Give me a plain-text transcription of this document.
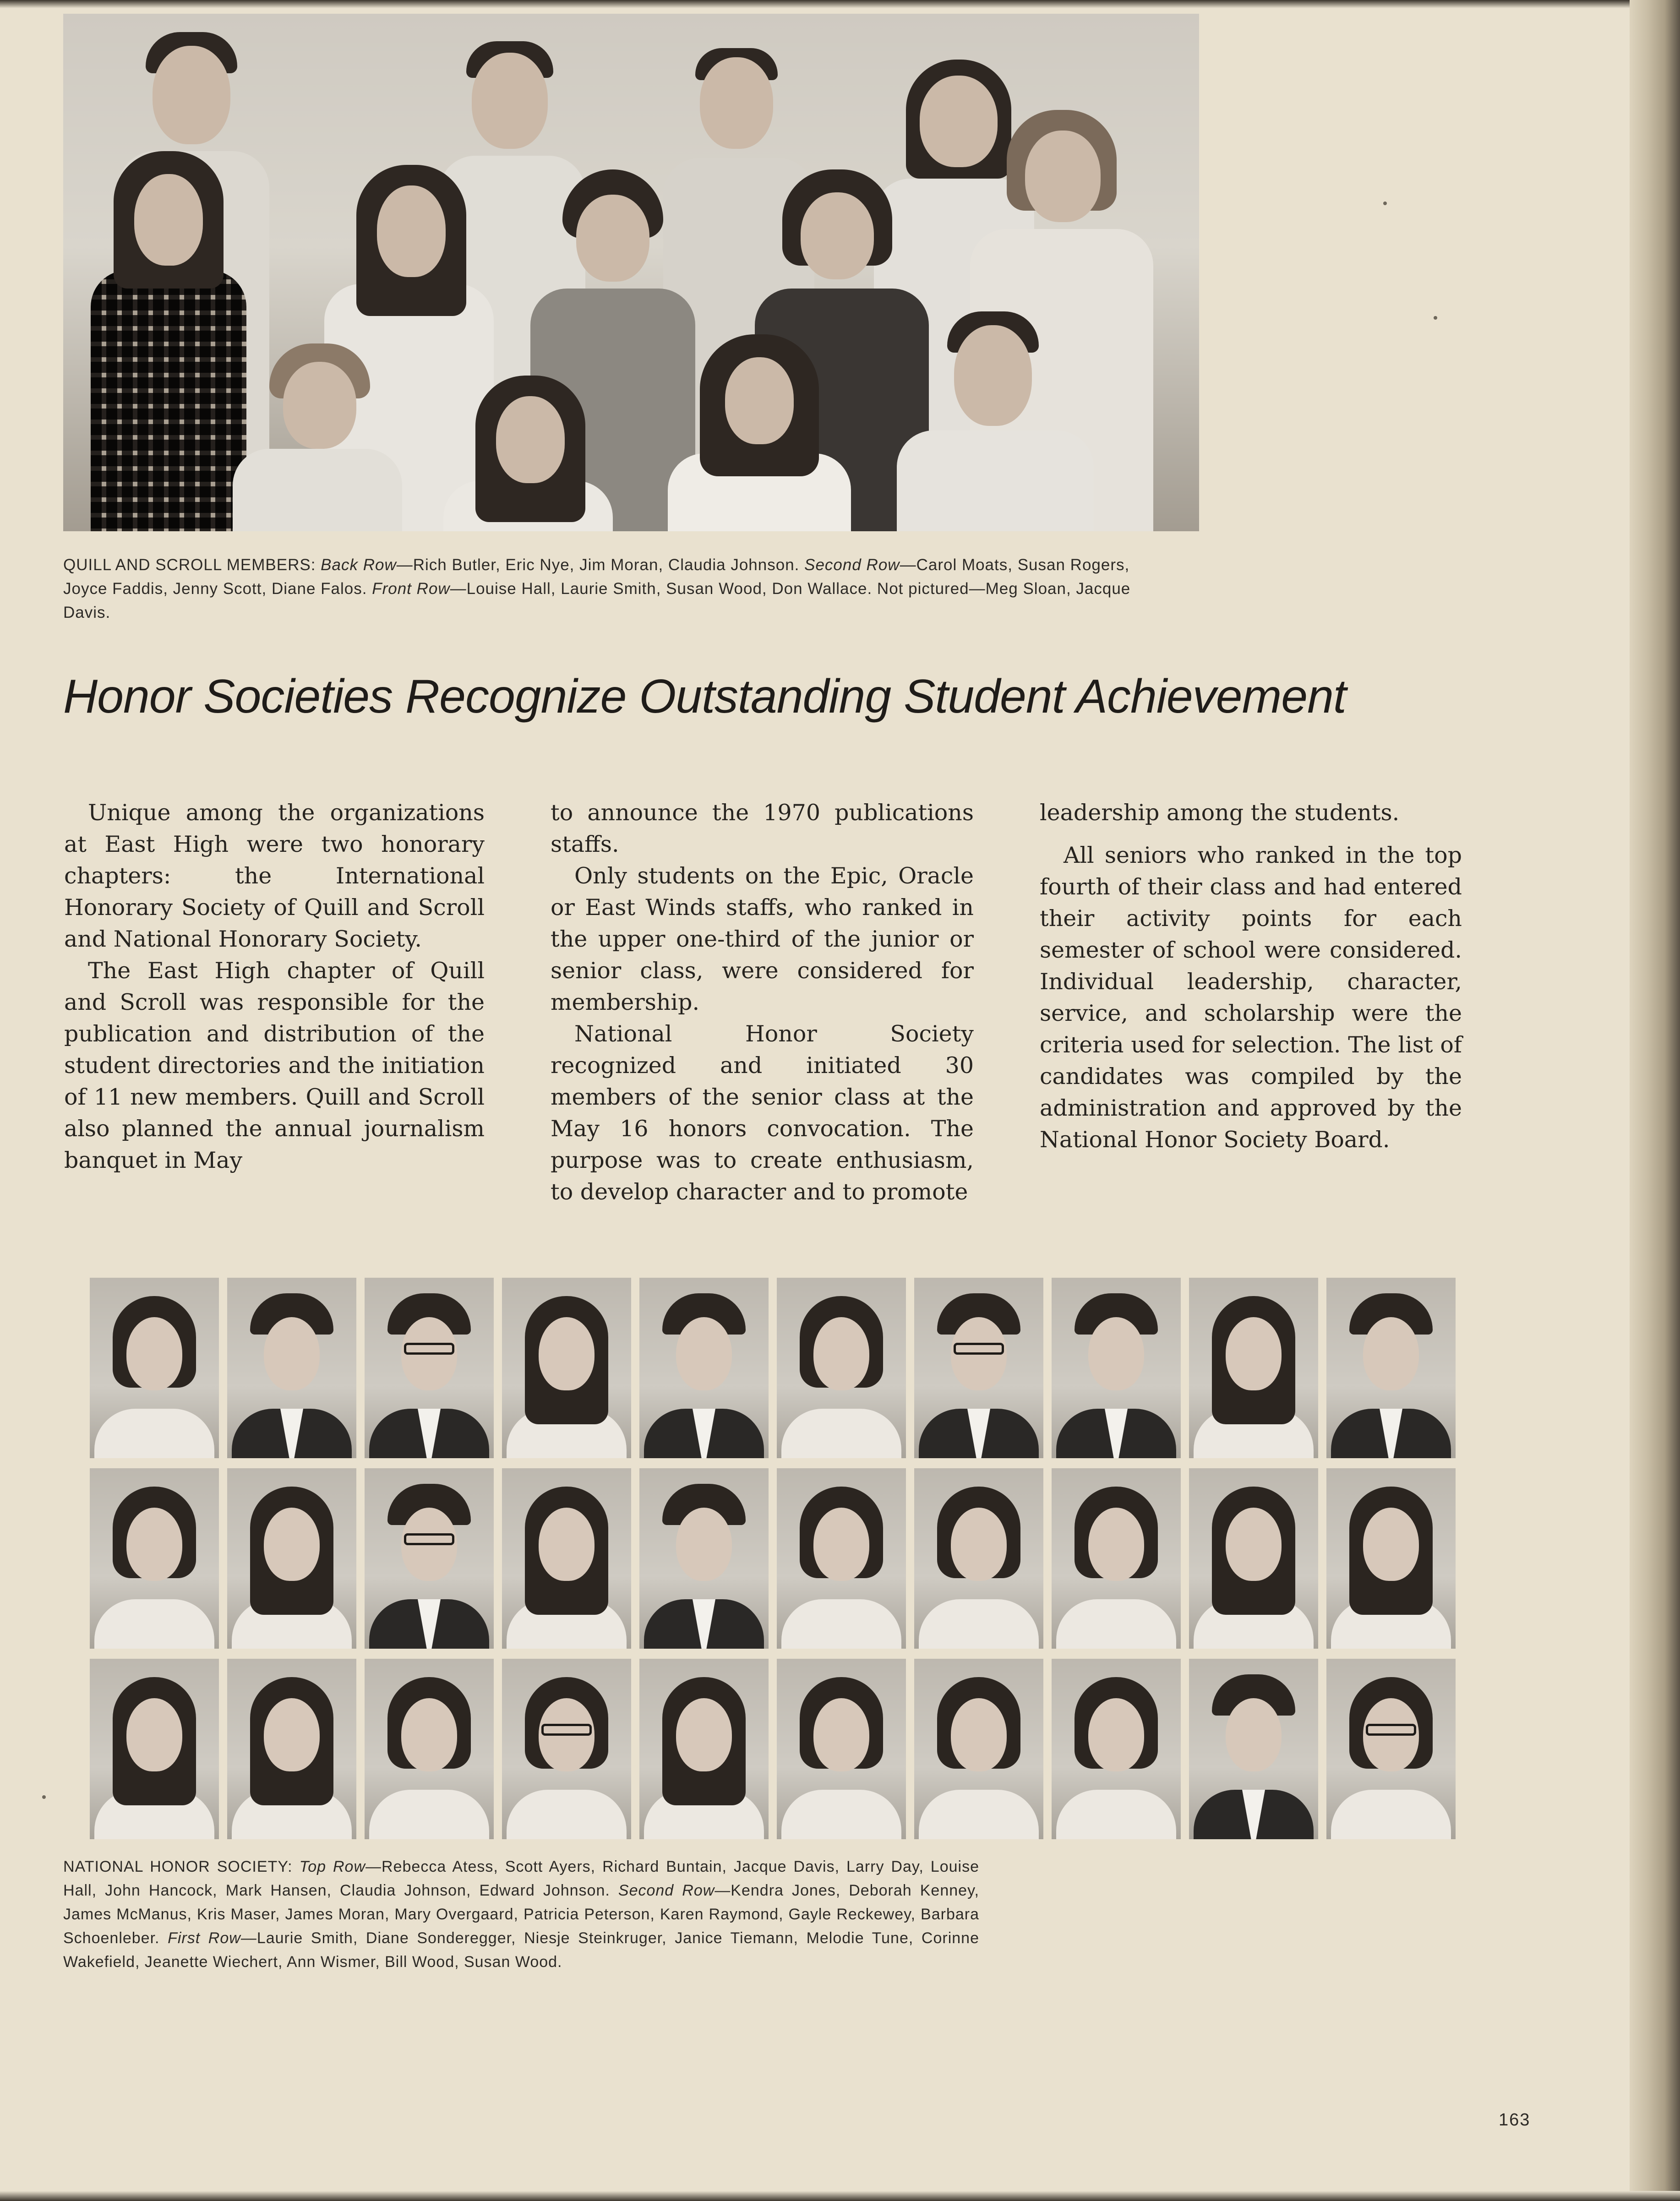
QUILL AND SCROLL MEMBERS: Back Row—Rich Butler, Eric Nye, Jim Moran, Claudia Johnson. Second Row—Carol Moats, Susan Rogers, Joyce Faddis, Jenny Scott, Diane Falos. Front Row—Louise Hall, Laurie Smith, Susan Wood, Don Wallace. Not pictured—Meg Sloan, Jacque Davis.
Honor Societies Recognize Outstanding Student Achievement

Unique among the organizations at East High were two honorary chapters: the International Honorary Society of Quill and Scroll and National Honorary Society.

The East High chapter of Quill and Scroll was responsible for the publication and distribution of the student directories and the initiation of 11 new members. Quill and Scroll also planned the annual journalism banquet in May

to announce the 1970 publications staffs.

Only students on the Epic, Oracle or East Winds staffs, who ranked in the upper one-third of the junior or senior class, were considered for membership.

National Honor Society recognized and initiated 30 members of the senior class at the May 16 honors convocation. The purpose was to create enthusiasm, to develop character and to promote

leadership among the students.

All seniors who ranked in the top fourth of their class and had entered their activity points for each semester of school were considered. Individual leadership, character, service, and scholarship were the criteria used for selection. The list of candidates was compiled by the administration and approved by the National Honor Society Board.

NATIONAL HONOR SOCIETY: Top Row—Rebecca Atess, Scott Ayers, Richard Buntain, Jacque Davis, Larry Day, Louise Hall, John Hancock, Mark Hansen, Claudia Johnson, Edward Johnson. Second Row—Kendra Jones, Deborah Kenney, James McManus, Kris Maser, James Moran, Mary Overgaard, Patricia Peterson, Karen Raymond, Gayle Reckewey, Barbara Schoenleber. First Row—Laurie Smith, Diane Sonderegger, Niesje Steinkruger, Janice Tiemann, Melodie Tune, Corinne Wakefield, Jeanette Wiechert, Ann Wismer, Bill Wood, Susan Wood.
163
